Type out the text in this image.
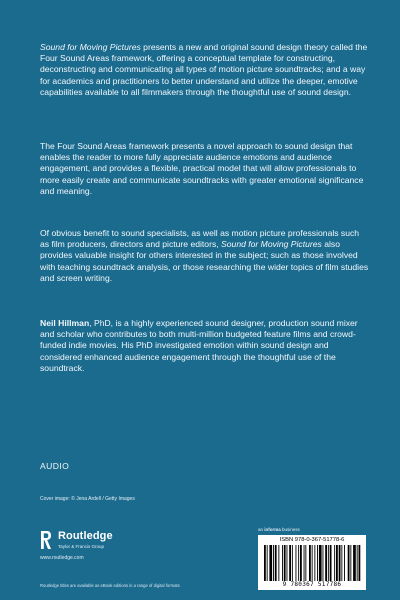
Sound for Moving Pictures presents a new and original sound design theory called the Four Sound Areas framework, offering a conceptual template for constructing, deconstructing and communicating all types of motion picture soundtracks; and a way for academics and practitioners to better understand and utilize the deeper, emotive capabilities available to all filmmakers through the thoughtful use of sound design.

The Four Sound Areas framework presents a novel approach to sound design that enables the reader to more fully appreciate audience emotions and audience engagement, and provides a flexible, practical model that will allow professionals to more easily create and communicate soundtracks with greater emotional significance and meaning.

Of obvious benefit to sound specialists, as well as motion picture professionals such as film producers, directors and picture editors, Sound for Moving Pictures also provides valuable insight for others interested in the subject; such as those involved with teaching soundtrack analysis, or those researching the wider topics of film studies and screen writing.

Neil Hillman, PhD, is a highly experienced sound designer, production sound mixer and scholar who contributes to both multi-million budgeted feature films and crowd-funded indie movies. His PhD investigated emotion within sound design and considered enhanced audience engagement through the thoughtful use of the soundtrack.

AUDIO
Cover image: © Jena Ardell / Getty Images
Routledge
Taylor & Francis Group
www.routledge.com
an informa business
ISBN 978-0-367-51778-6
9 780367 517786
Routledge titles are available as eBook editions in a range of digital formats
